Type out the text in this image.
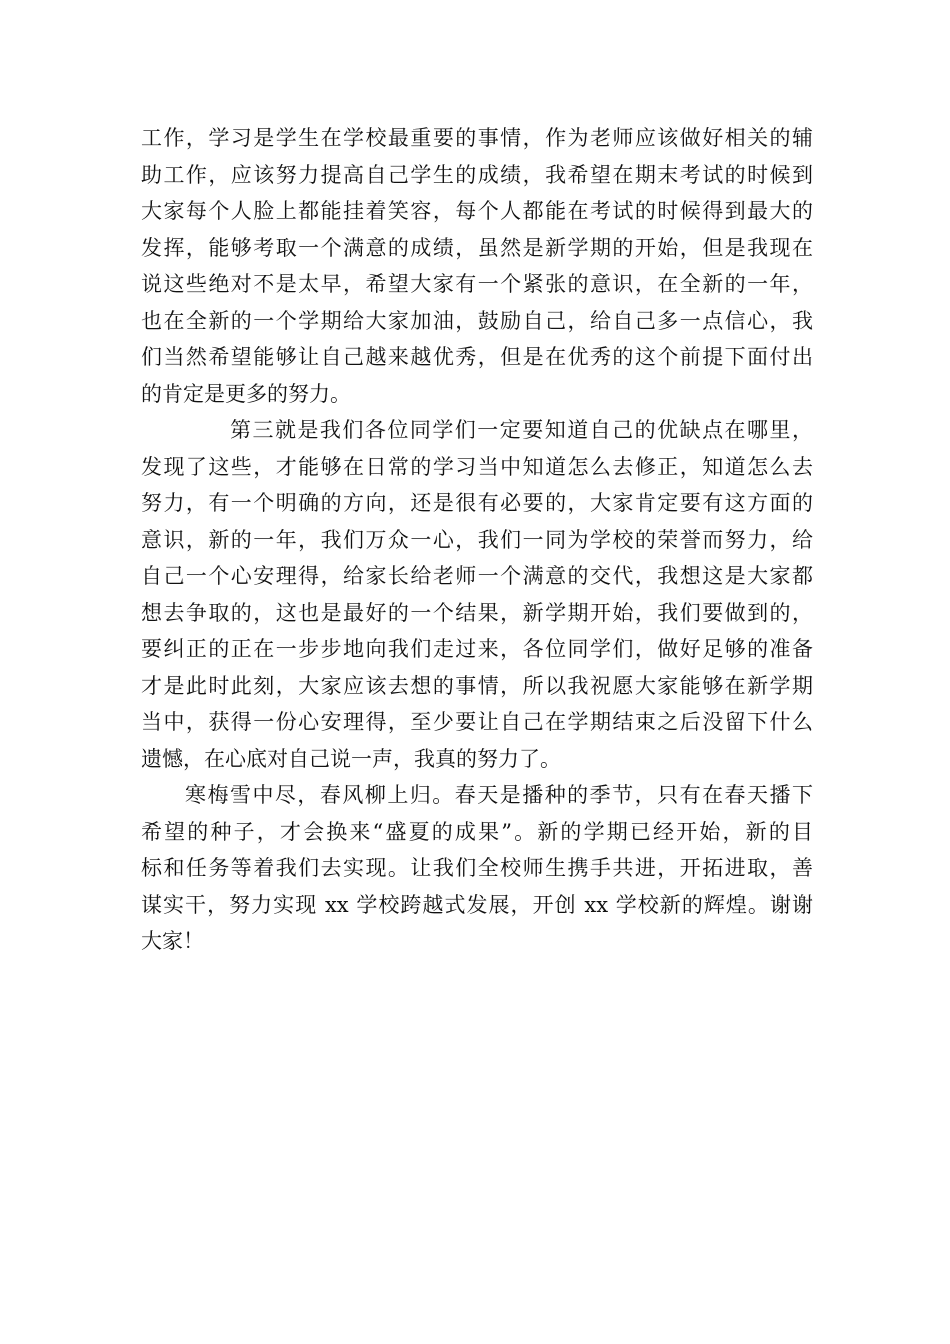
工作，学习是学生在学校最重要的事情，作为老师应该做好相关的辅
助工作，应该努力提高自己学生的成绩，我希望在期末考试的时候到
大家每个人脸上都能挂着笑容，每个人都能在考试的时候得到最大的
发挥，能够考取一个满意的成绩，虽然是新学期的开始，但是我现在
说这些绝对不是太早，希望大家有一个紧张的意识，在全新的一年，
也在全新的一个学期给大家加油，鼓励自己，给自己多一点信心，我
们当然希望能够让自己越来越优秀，但是在优秀的这个前提下面付出
的肯定是更多的努力。
第三就是我们各位同学们一定要知道自己的优缺点在哪里，
发现了这些，才能够在日常的学习当中知道怎么去修正，知道怎么去
努力，有一个明确的方向，还是很有必要的，大家肯定要有这方面的
意识，新的一年，我们万众一心，我们一同为学校的荣誉而努力，给
自己一个心安理得，给家长给老师一个满意的交代，我想这是大家都
想去争取的，这也是最好的一个结果，新学期开始，我们要做到的，
要纠正的正在一步步地向我们走过来，各位同学们，做好足够的准备
才是此时此刻，大家应该去想的事情，所以我祝愿大家能够在新学期
当中，获得一份心安理得，至少要让自己在学期结束之后没留下什么
遗憾，在心底对自己说一声，我真的努力了。
寒梅雪中尽，春风柳上归。春天是播种的季节，只有在春天播下
希望的种子，才会换来“盛夏的成果”。新的学期已经开始，新的目
标和任务等着我们去实现。让我们全校师生携手共进，开拓进取，善
谋实干，努力实现 xx 学校跨越式发展，开创 xx 学校新的辉煌。谢谢
大家！
